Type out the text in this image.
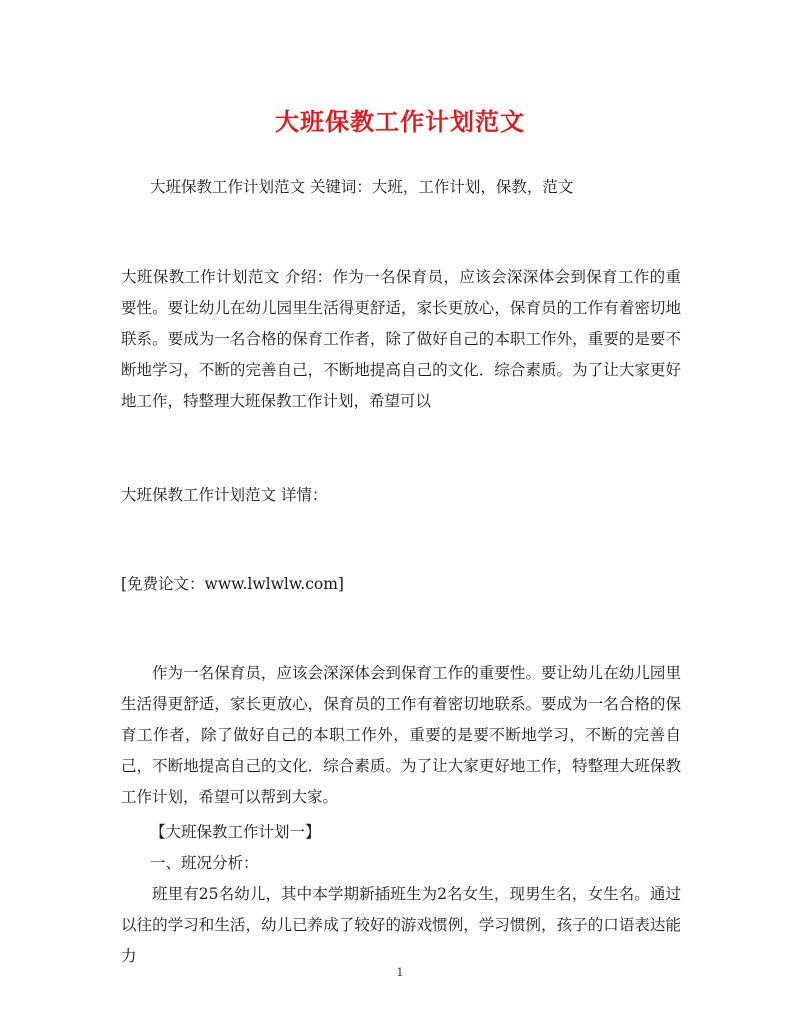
大班保教工作计划范文
大班保教工作计划范文 关键词：大班，工作计划，保教，范文

大班保教工作计划范文 介绍：作为一名保育员，应该会深深体会到保育工作的重要性。要让幼儿在幼儿园里生活得更舒适，家长更放心，保育员的工作有着密切地联系。要成为一名合格的保育工作者，除了做好自己的本职工作外，重要的是要不断地学习，不断的完善自己，不断地提高自己的文化．综合素质。为了让大家更好地工作，特整理大班保教工作计划，希望可以

大班保教工作计划范文 详情：
[免费论文：www.lwlwlw.com]

作为一名保育员，应该会深深体会到保育工作的重要性。要让幼儿在幼儿园里生活得更舒适，家长更放心，保育员的工作有着密切地联系。要成为一名合格的保育工作者，除了做好自己的本职工作外，重要的是要不断地学习，不断的完善自己，不断地提高自己的文化．综合素质。为了让大家更好地工作，特整理大班保教工作计划，希望可以帮到大家。

【大班保教工作计划一】
一、班况分析：

班里有25名幼儿，其中本学期新插班生为2名女生，现男生名，女生名。通过以往的学习和生活，幼儿已养成了较好的游戏惯例，学习惯例，孩子的口语表达能力

1
